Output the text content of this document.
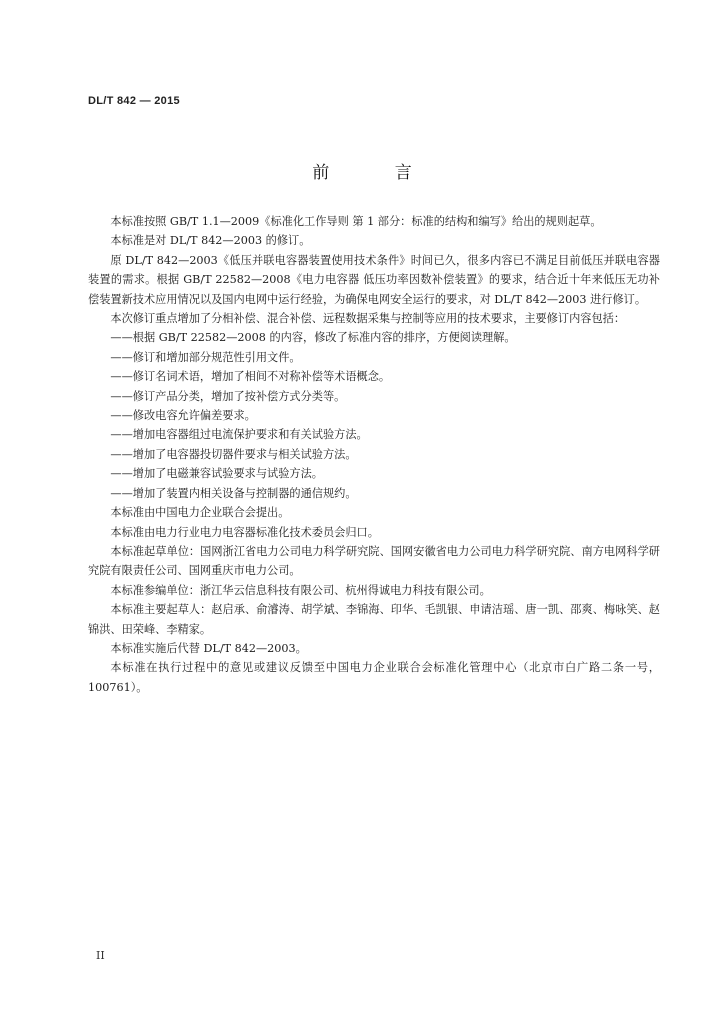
DL/T 842 — 2015
前 言

本标准按照 GB/T 1.1—2009《标准化工作导则 第 1 部分：标准的结构和编写》给出的规则起草。

本标准是对 DL/T 842—2003 的修订。

原 DL/T 842—2003《低压并联电容器装置使用技术条件》时间已久，很多内容已不满足目前低压并联电容器装置的需求。根据 GB/T 22582—2008《电力电容器 低压功率因数补偿装置》的要求，结合近十年来低压无功补偿装置新技术应用情况以及国内电网中运行经验，为确保电网安全运行的要求，对 DL/T 842—2003 进行修订。

本次修订重点增加了分相补偿、混合补偿、远程数据采集与控制等应用的技术要求，主要修订内容包括：

——根据 GB/T 22582—2008 的内容，修改了标准内容的排序，方便阅读理解。

——修订和增加部分规范性引用文件。

——修订名词术语，增加了相间不对称补偿等术语概念。

——修订产品分类，增加了按补偿方式分类等。

——修改电容允许偏差要求。

——增加电容器组过电流保护要求和有关试验方法。

——增加了电容器投切器件要求与相关试验方法。

——增加了电磁兼容试验要求与试验方法。

——增加了装置内相关设备与控制器的通信规约。

本标准由中国电力企业联合会提出。

本标准由电力行业电力电容器标准化技术委员会归口。

本标准起草单位：国网浙江省电力公司电力科学研究院、国网安徽省电力公司电力科学研究院、南方电网科学研究院有限责任公司、国网重庆市电力公司。

本标准参编单位：浙江华云信息科技有限公司、杭州得诚电力科技有限公司。

本标准主要起草人：赵启承、俞濬涛、胡学斌、李锦海、印华、毛凯银、申请洁瑶、唐一凯、邵爽、梅咏笑、赵锦洪、田荣峰、李精家。

本标准实施后代替 DL/T 842—2003。

本标准在执行过程中的意见或建议反馈至中国电力企业联合会标准化管理中心（北京市白广路二条一号，100761）。

II
